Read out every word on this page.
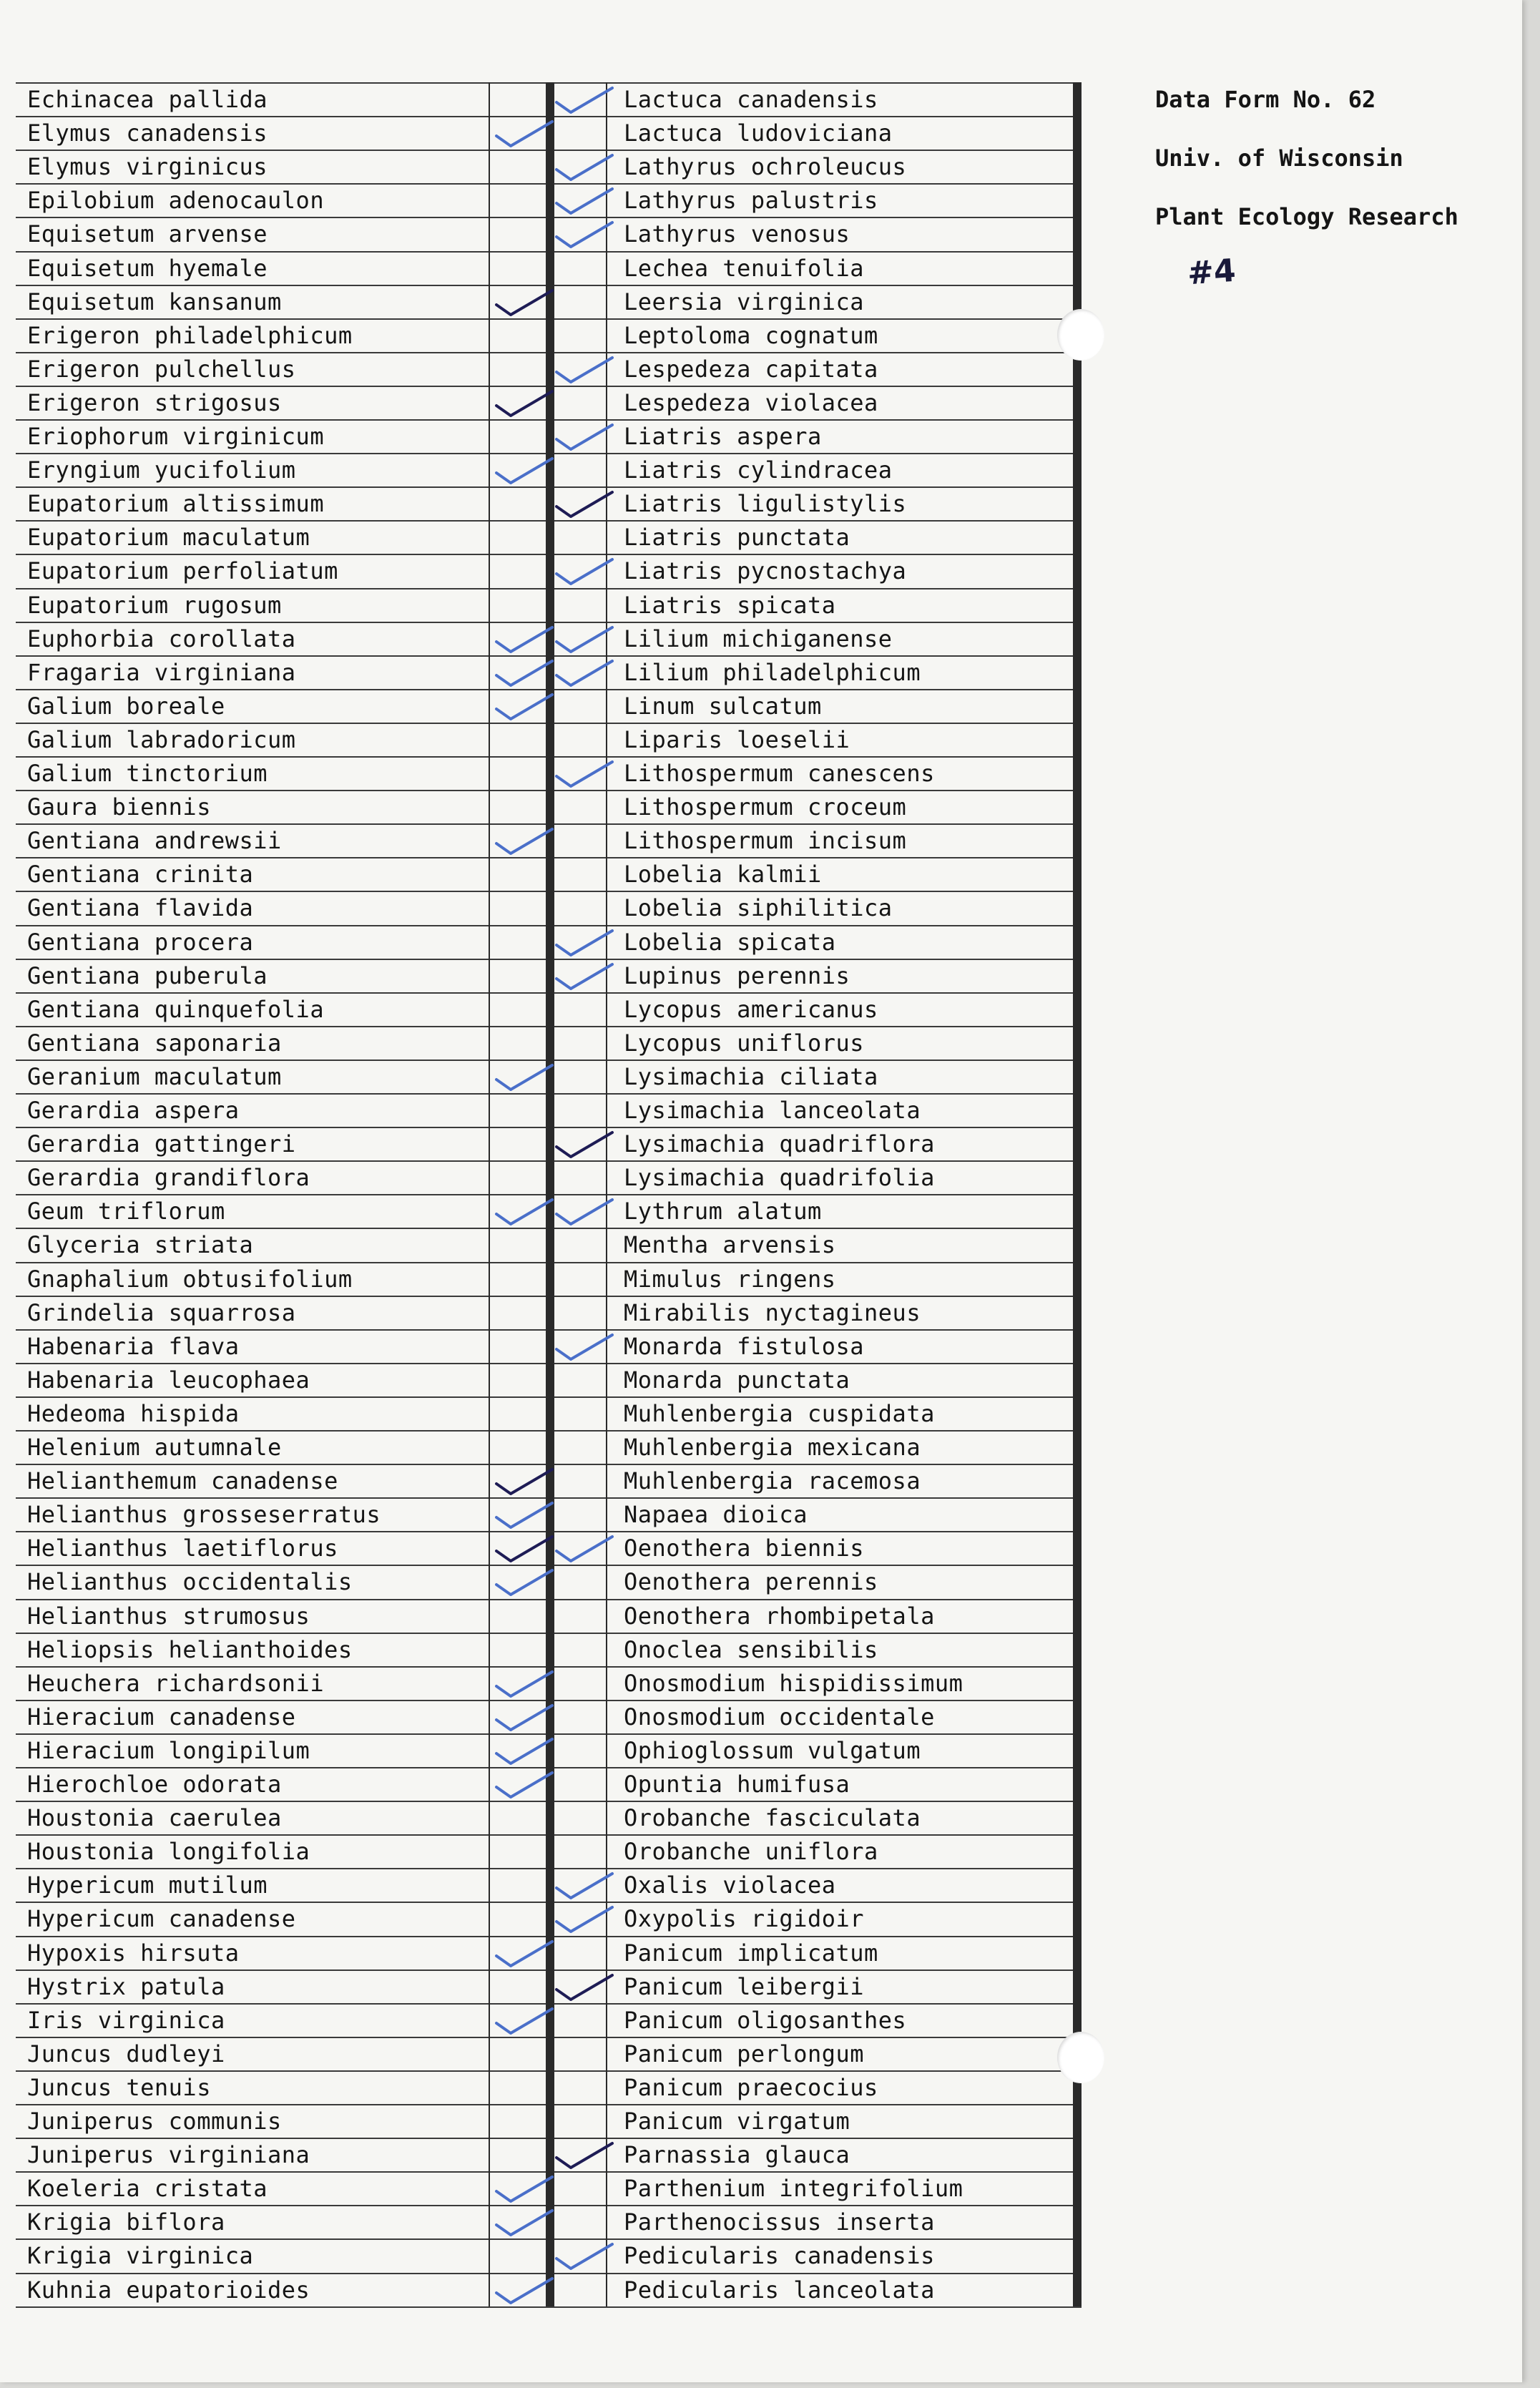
Echinacea pallida
Elymus canadensis
Elymus virginicus
Epilobium adenocaulon
Equisetum arvense
Equisetum hyemale
Equisetum kansanum
Erigeron philadelphicum
Erigeron pulchellus
Erigeron strigosus
Eriophorum virginicum
Eryngium yucifolium
Eupatorium altissimum
Eupatorium maculatum
Eupatorium perfoliatum
Eupatorium rugosum
Euphorbia corollata
Fragaria virginiana
Galium boreale
Galium labradoricum
Galium tinctorium
Gaura biennis
Gentiana andrewsii
Gentiana crinita
Gentiana flavida
Gentiana procera
Gentiana puberula
Gentiana quinquefolia
Gentiana saponaria
Geranium maculatum
Gerardia aspera
Gerardia gattingeri
Gerardia grandiflora
Geum triflorum
Glyceria striata
Gnaphalium obtusifolium
Grindelia squarrosa
Habenaria flava
Habenaria leucophaea
Hedeoma hispida
Helenium autumnale
Helianthemum canadense
Helianthus grosseserratus
Helianthus laetiflorus
Helianthus occidentalis
Helianthus strumosus
Heliopsis helianthoides
Heuchera richardsonii
Hieracium canadense
Hieracium longipilum
Hierochloe odorata
Houstonia caerulea
Houstonia longifolia
Hypericum mutilum
Hypericum canadense
Hypoxis hirsuta
Hystrix patula
Iris virginica
Juncus dudleyi
Juncus tenuis
Juniperus communis
Juniperus virginiana
Koeleria cristata
Krigia biflora
Krigia virginica
Kuhnia eupatorioides
Lactuca canadensis
Lactuca ludoviciana
Lathyrus ochroleucus
Lathyrus palustris
Lathyrus venosus
Lechea tenuifolia
Leersia virginica
Leptoloma cognatum
Lespedeza capitata
Lespedeza violacea
Liatris aspera
Liatris cylindracea
Liatris ligulistylis
Liatris punctata
Liatris pycnostachya
Liatris spicata
Lilium michiganense
Lilium philadelphicum
Linum sulcatum
Liparis loeselii
Lithospermum canescens
Lithospermum croceum
Lithospermum incisum
Lobelia kalmii
Lobelia siphilitica
Lobelia spicata
Lupinus perennis
Lycopus americanus
Lycopus uniflorus
Lysimachia ciliata
Lysimachia lanceolata
Lysimachia quadriflora
Lysimachia quadrifolia
Lythrum alatum
Mentha arvensis
Mimulus ringens
Mirabilis nyctagineus
Monarda fistulosa
Monarda punctata
Muhlenbergia cuspidata
Muhlenbergia mexicana
Muhlenbergia racemosa
Napaea dioica
Oenothera biennis
Oenothera perennis
Oenothera rhombipetala
Onoclea sensibilis
Onosmodium hispidissimum
Onosmodium occidentale
Ophioglossum vulgatum
Opuntia humifusa
Orobanche fasciculata
Orobanche uniflora
Oxalis violacea
Oxypolis rigidoir
Panicum implicatum
Panicum leibergii
Panicum oligosanthes
Panicum perlongum
Panicum praecocius
Panicum virgatum
Parnassia glauca
Parthenium integrifolium
Parthenocissus inserta
Pedicularis canadensis
Pedicularis lanceolata
Data Form No. 62
Univ. of Wisconsin
Plant Ecology Research
#4
